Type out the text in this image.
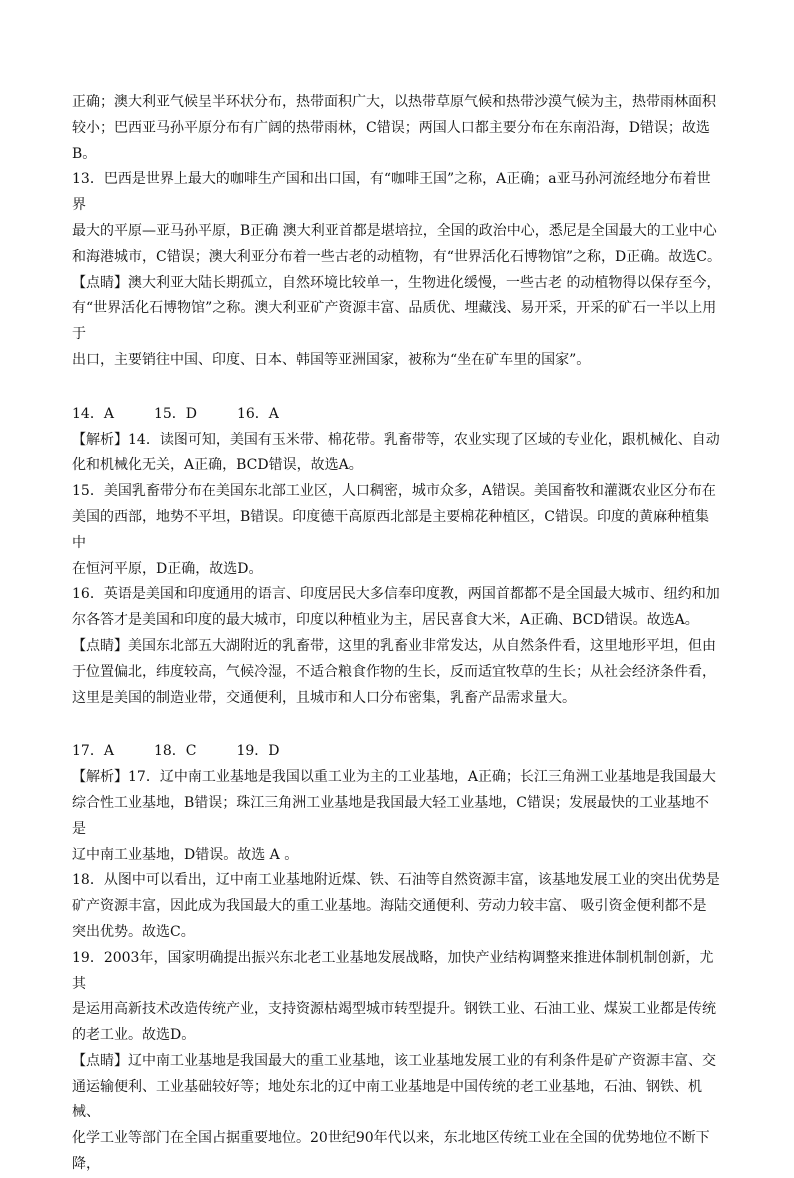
正确；澳大利亚气候呈半环状分布，热带面积广大，以热带草原气候和热带沙漠气候为主，热带雨林面积

较小；巴西亚马孙平原分布有广阔的热带雨林，C错误；两国人口都主要分布在东南沿海，D错误；故选B。

13．巴西是世界上最大的咖啡生产国和出口国，有“咖啡王国”之称，A正确；a亚马孙河流经地分布着世界

最大的平原—亚马孙平原，B正确 澳大利亚首都是堪培拉，全国的政治中心，悉尼是全国最大的工业中心

和海港城市，C错误；澳大利亚分布着一些古老的动植物，有“世界活化石博物馆”之称，D正确。故选C。

【点睛】澳大利亚大陆长期孤立，自然环境比较单一，生物进化缓慢，一些古老 的动植物得以保存至今，

有“世界活化石博物馆”之称。澳大利亚矿产资源丰富、品质优、埋藏浅、易开采，开采的矿石一半以上用于

出口，主要销往中国、印度、日本、韩国等亚洲国家，被称为“坐在矿车里的国家”。

14．A	15．D	16．A

【解析】14．读图可知，美国有玉米带、棉花带。乳畜带等，农业实现了区域的专业化，跟机械化、自动

化和机械化无关，A正确，BCD错误，故选A。

15．美国乳畜带分布在美国东北部工业区，人口稠密，城市众多，A错误。美国畜牧和灌溉农业区分布在

美国的西部，地势不平坦，B错误。印度德干高原西北部是主要棉花种植区，C错误。印度的黄麻种植集中

在恒河平原，D正确，故选D。

16．英语是美国和印度通用的语言、印度居民大多信奉印度教，两国首都都不是全国最大城市、纽约和加

尔各答才是美国和印度的最大城市，印度以种植业为主，居民喜食大米，A正确、BCD错误。故选A。

【点睛】美国东北部五大湖附近的乳畜带，这里的乳畜业非常发达，从自然条件看，这里地形平坦，但由

于位置偏北，纬度较高，气候冷湿，不适合粮食作物的生长，反而适宜牧草的生长；从社会经济条件看，

这里是美国的制造业带，交通便利，且城市和人口分布密集，乳畜产品需求量大。

17．A	18．C	19．D

【解析】17．辽中南工业基地是我国以重工业为主的工业基地，A正确；长江三角洲工业基地是我国最大

综合性工业基地，B错误；珠江三角洲工业基地是我国最大轻工业基地，C错误；发展最快的工业基地不是

辽中南工业基地，D错误。故选 A 。

18．从图中可以看出，辽中南工业基地附近煤、铁、石油等自然资源丰富，该基地发展工业的突出优势是

矿产资源丰富，因此成为我国最大的重工业基地。海陆交通便利、劳动力较丰富、 吸引资金便利都不是

突出优势。故选C。

19．2003年，国家明确提出振兴东北老工业基地发展战略，加快产业结构调整来推进体制机制创新，尤其

是运用高新技术改造传统产业，支持资源枯竭型城市转型提升。钢铁工业、石油工业、煤炭工业都是传统

的老工业。故选D。

【点睛】辽中南工业基地是我国最大的重工业基地，该工业基地发展工业的有利条件是矿产资源丰富、交

通运输便利、工业基础较好等；地处东北的辽中南工业基地是中国传统的老工业基地，石油、钢铁、机械、

化学工业等部门在全国占据重要地位。20世纪90年代以来，东北地区传统工业在全国的优势地位不断下降，
